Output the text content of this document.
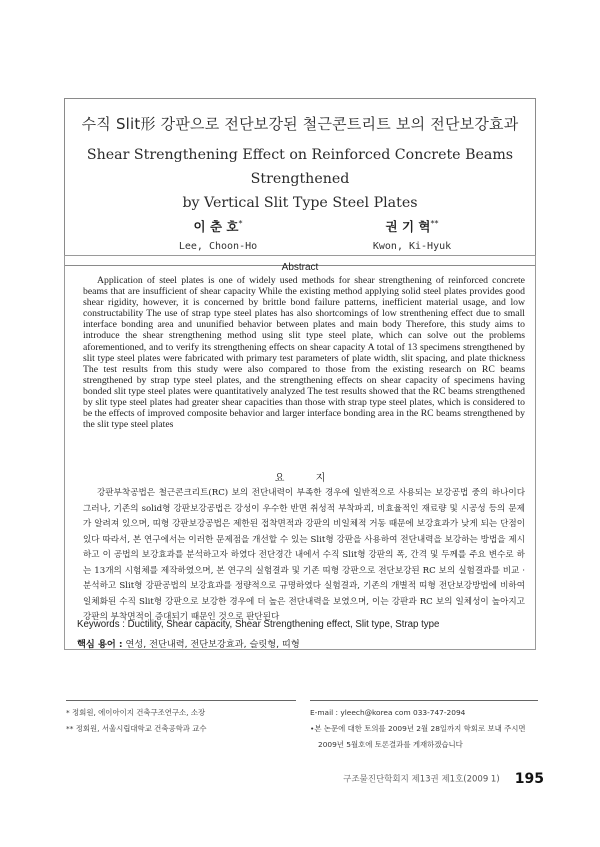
수직 Slit形 강판으로 전단보강된 철근콘트리트 보의 전단보강효과
Shear Strengthening Effect on Reinforced Concrete Beams Strengthened
by Vertical Slit Type Steel Plates
이 춘 호*
Lee, Choon-Ho
권 기 혁**
Kwon, Ki-Hyuk
Abstract

Application of steel plates is one of widely used methods for shear strengthening of reinforced concrete beams that are insufficient of shear capacity While the existing method applying solid steel plates provides good shear rigidity, however, it is concerned by brittle bond failure patterns, inefficient material usage, and low constructability The use of strap type steel plates has also shortcomings of low strenthening effect due to small interface bonding area and ununified behavior between plates and main body Therefore, this study aims to introduce the shear strengthening method using slit type steel plate, which can solve out the problems aforementioned, and to verify its strengthening effects on shear capacity A total of 13 specimens strengthened by slit type steel plates were fabricated with primary test parameters of plate width, slit spacing, and plate thickness The test results from this study were also compared to those from the existing research on RC beams strengthened by strap type steel plates, and the strengthening effects on shear capacity of specimens having bonded slit type steel plates were quantitatively analyzed The test results showed that the RC beams strengthened by slit type steel plates had greater shear capacities than those with strap type steel plates, which is considered to be the effects of improved composite behavior and larger interface bonding area in the RC beams strengthened by the slit type steel plates

요 지

강판부착공법은 철근콘크리트(RC) 보의 전단내력이 부족한 경우에 일반적으로 사용되는 보강공법 중의 하나이다 그러나, 기존의 solid형 강판보강공법은 강성이 우수한 반면 취성적 부착파괴, 비효율적인 재료량 및 시공성 등의 문제가 알려져 있으며, 띠형 강판보강공법은 제한된 접착면적과 강판의 비일체적 거동 때문에 보강효과가 낮게 되는 단점이 있다 따라서, 본 연구에서는 이러한 문제점을 개선할 수 있는 Slit형 강판을 사용하여 전단내력을 보강하는 방법을 제시하고 이 공법의 보강효과를 분석하고자 하였다 전단경간 내에서 수직 Slit형 강판의 폭, 간격 및 두께를 주요 변수로 하는 13개의 시험체를 제작하였으며, 본 연구의 실험결과 및 기존 띠형 강판으로 전단보강된 RC 보의 실험결과를 비교 · 분석하고 Slit형 강판공법의 보강효과를 정량적으로 규명하였다 실험결과, 기존의 개별적 띠형 전단보강방법에 비하여 일체화된 수직 Slit형 강판으로 보강한 경우에 더 높은 전단내력을 보였으며, 이는 강판과 RC 보의 일체성이 높아지고 강판의 부착면적이 증대되기 때문인 것으로 판단된다

Keywords : Ductility, Shear capacity, Shear Strengthening effect, Slit type, Strap type
핵심 용어 : 연성, 전단내력, 전단보강효과, 슬릿형, 띠형
* 정회원, 에이아이지 건축구조연구소, 소장
** 정회원, 서울시립대학교 건축공학과 교수
E-mail : yleech@korea com 033-747-2094
•본 논문에 대한 토의를 2009년 2월 28일까지 학회로 보내 주시면 2009년 5월호에 토론결과를 게재하겠습니다
구조물진단학회지 제13권 제1호(2009 1) 195
